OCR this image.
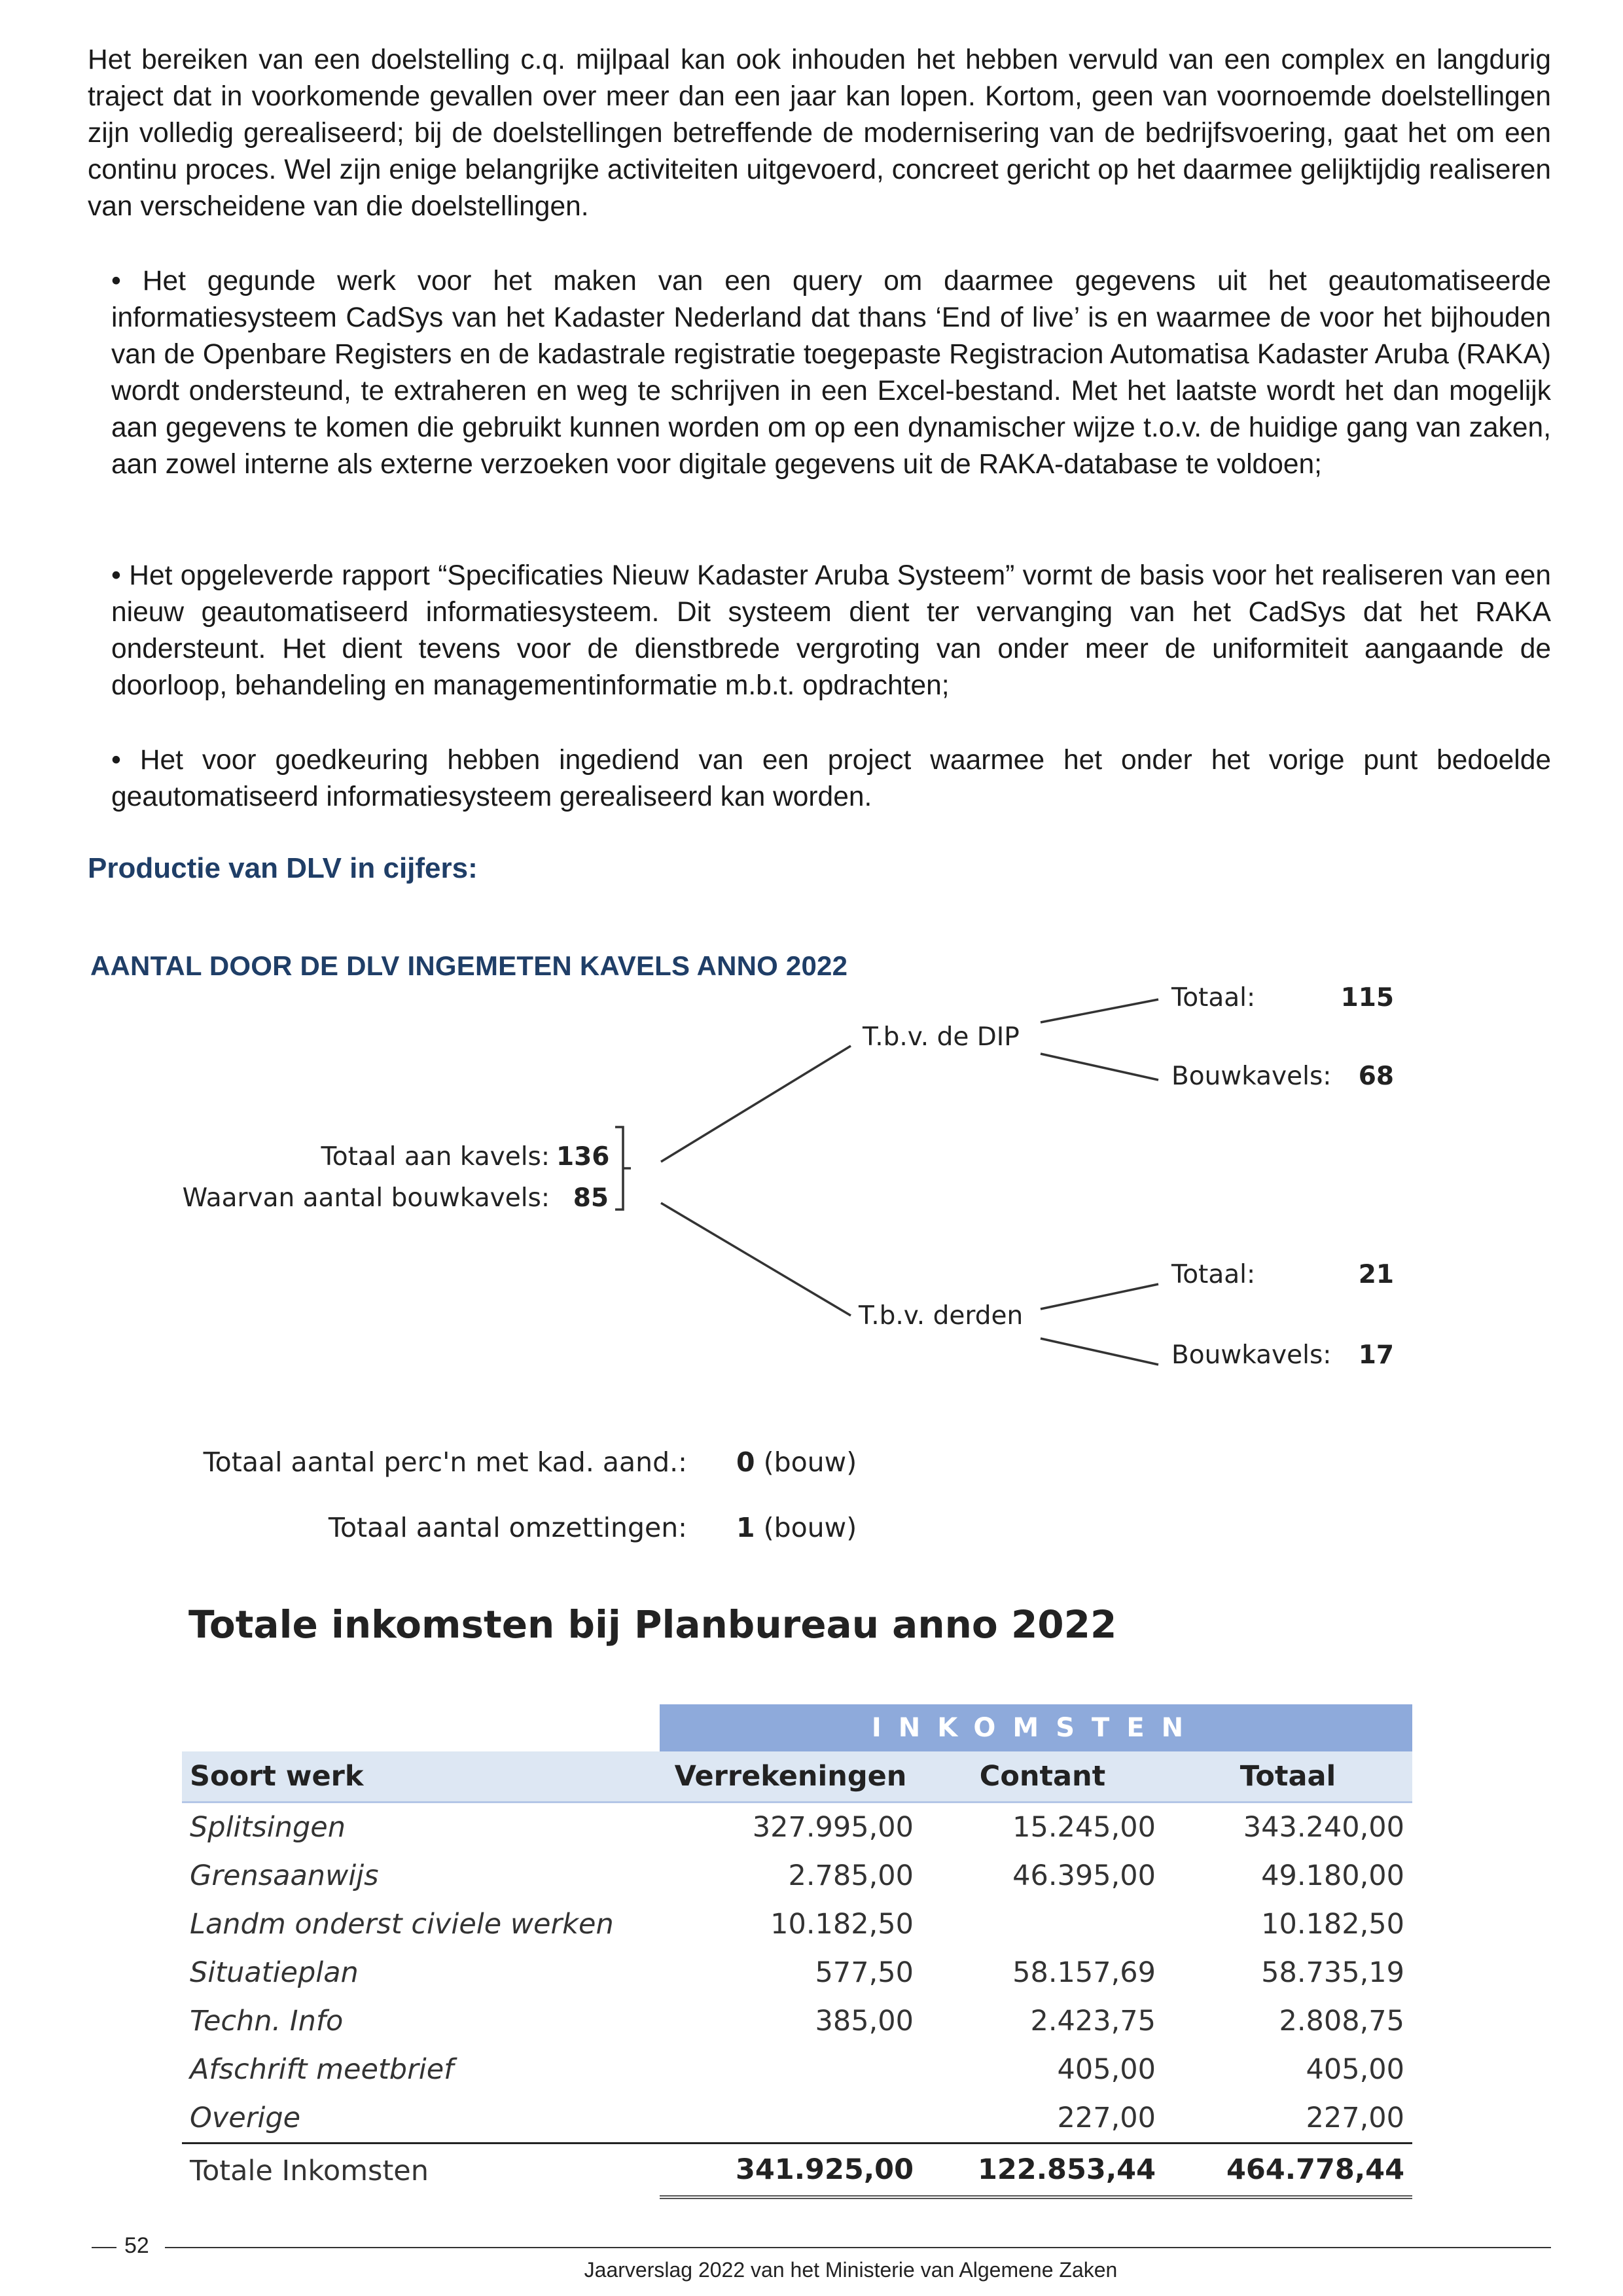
Het bereiken van een doelstelling c.q. mijlpaal kan ook inhouden het hebben vervuld van een complex en langdurig traject dat in voorkomende gevallen over meer dan een jaar kan lopen. Kortom, geen van voornoemde doelstellingen zijn volledig gerealiseerd; bij de doelstellingen betreffende de modernisering van de bedrijfsvoering, gaat het om een continu proces. Wel zijn enige belangrijke activiteiten uitgevoerd, concreet gericht op het daarmee gelijktijdig realiseren van verscheidene van die doelstellingen.

• Het gegunde werk voor het maken van een query om daarmee gegevens uit het geautomatiseerde informatiesysteem CadSys van het Kadaster Nederland dat thans ‘End of live’ is en waarmee de voor het bijhouden van de Openbare Registers en de kadastrale registratie toegepaste Registracion Automatisa Kadaster Aruba (RAKA) wordt ondersteund, te extraheren en weg te schrijven in een Excel-bestand. Met het laatste wordt het dan mogelijk aan gegevens te komen die gebruikt kunnen worden om op een dynamischer wijze t.o.v. de huidige gang van zaken, aan zowel interne als externe verzoeken voor digitale gegevens uit de RAKA-database te voldoen;

• Het opgeleverde rapport “Specificaties Nieuw Kadaster Aruba Systeem” vormt de basis voor het realiseren van een nieuw geautomatiseerd informatiesysteem. Dit systeem dient ter vervanging van het CadSys dat het RAKA ondersteunt. Het dient tevens voor de dienstbrede vergroting van onder meer de uniformiteit aangaande de doorloop, behandeling en managementinformatie m.b.t. opdrachten;

• Het voor goedkeuring hebben ingediend van een project waarmee het onder het vorige punt bedoelde geautomatiseerd informatiesysteem gerealiseerd kan worden.

Productie van DLV in cijfers:
AANTAL DOOR DE DLV INGEMETEN KAVELS ANNO 2022
Totaal aan kavels: 136
Waarvan aantal bouwkavels: 85
T.b.v. de DIP
Totaal:	115
Bouwkavels:	68
T.b.v. derden
Totaal:	21
Bouwkavels:	17
Totaal aantal perc'n met kad. aand.: 0 (bouw)
Totaal aantal omzettingen: 1 (bouw)
Totale inkomsten bij Planbureau anno 2022
	INKOMSTEN		
Soort werk	Verrekeningen	Contant	Totaal
Splitsingen	327.995,00	15.245,00	343.240,00
Grensaanwijs	2.785,00	46.395,00	49.180,00
Landm onderst civiele werken	10.182,50		10.182,50
Situatieplan	577,50	58.157,69	58.735,19
Techn. Info	385,00	2.423,75	2.808,75
Afschrift meetbrief		405,00	405,00
Overige		227,00	227,00
Totale Inkomsten	341.925,00	122.853,44	464.778,44
52
Jaarverslag 2022 van het Ministerie van Algemene Zaken
